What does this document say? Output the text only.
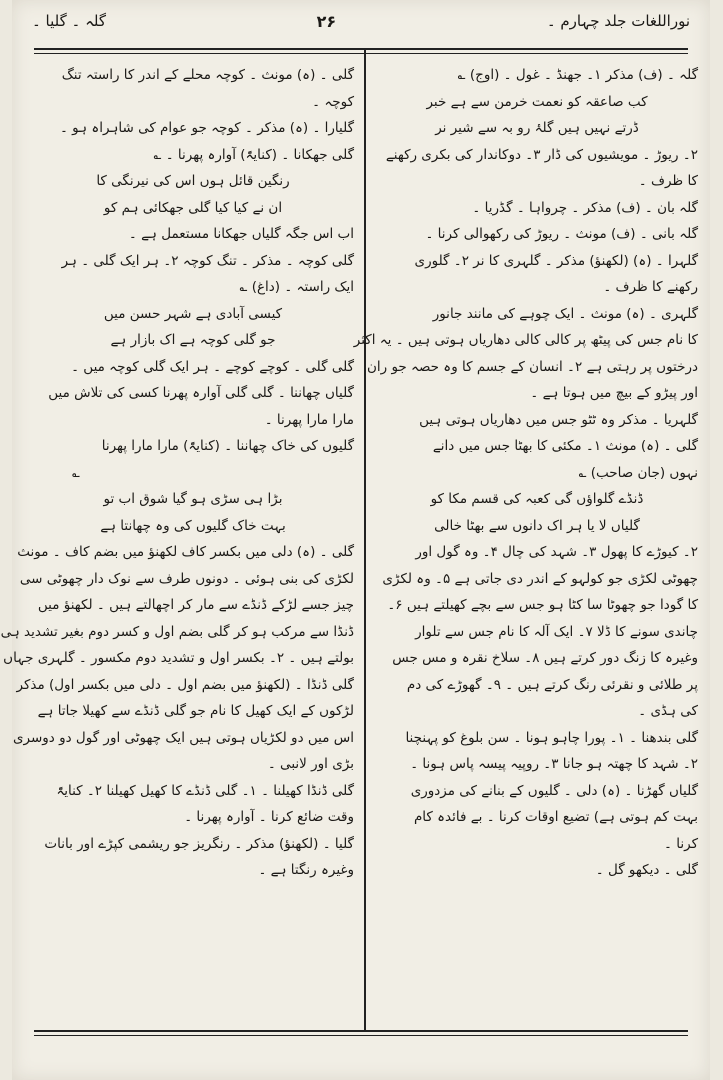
نوراللغات جلد چہارم ۔
۲۶
گلہ ۔ گلیا ۔
گلہ ۔ (ف) مذکر ۱۔ جھنڈ ۔ غول ۔ (اوج) ؎
کب صاعقہ کو نعمت خرمن سے ہے خبر
ڈرتے نہیں ہیں گلۂ رو بہ سے شیر نر
۲۔ ریوڑ ۔ مویشیوں کی ڈار ۳۔ دوکاندار کی بکری رکھنے
کا ظرف ۔
گلہ بان ۔ (ف) مذکر ۔ چرواہا ۔ گڈریا ۔
گلہ بانی ۔ (ف) مونث ۔ ریوڑ کی رکھوالی کرنا ۔
گلہرا ۔ (ہ) (لکھنؤ) مذکر ۔ گلہری کا نر ۲۔ گلوری
رکھنے کا ظرف ۔
گلہری ۔ (ہ) مونث ۔ ایک چوہے کی مانند جانور
کا نام جس کی پیٹھ پر کالی کالی دھاریاں ہوتی ہیں ۔ یہ اکثر
درختوں پر رہتی ہے ۲۔ انسان کے جسم کا وہ حصہ جو ران
اور پیڑو کے بیچ میں ہوتا ہے ۔
گلہریا ۔ مذکر وہ ٹٹو جس میں دھاریاں ہوتی ہیں
گلی ۔ (ہ) مونث ۱۔ مکئی کا بھٹا جس میں دانے
نہوں (جان صاحب) ؎
ڈنڈے گلواؤں گی کعبہ کی قسم مکا کو
گلیاں لا یا ہر اک دانوں سے بھٹا خالی
۲۔ کیوڑے کا پھول ۳۔ شہد کی چال ۴۔ وہ گول اور
چھوٹی لکڑی جو کولہو کے اندر دی جاتی ہے ۵۔ وہ لکڑی
کا گودا جو چھوٹا سا کٹا ہو جس سے بچے کھیلتے ہیں ۶۔
چاندی سونے کا ڈلا ۷۔ ایک آلہ کا نام جس سے تلوار
وغیرہ کا زنگ دور کرتے ہیں ۸۔ سلاخ نقرہ و مس جس
پر طلائی و نقرئی رنگ کرتے ہیں ۔ ۹۔ گھوڑے کی دم
کی ہڈی ۔
گلی بندھنا ۔ ۱۔ پورا چاہو ہونا ۔ سن بلوغ کو پہنچنا
۲۔ شہد کا چھتہ ہو جانا ۳۔ روپیہ پیسہ پاس ہونا ۔
گلیاں گھڑنا ۔ (ہ) دلی ۔ گلیوں کے بنانے کی مزدوری
بہت کم ہوتی ہے) تضیع اوقات کرنا ۔ بے فائدہ کام
کرنا ۔
گلی ۔ دیکھو گل ۔
گلی ۔ (ہ) مونث ۔ کوچہ محلے کے اندر کا راستہ تنگ
کوچہ ۔
گلیارا ۔ (ہ) مذکر ۔ کوچہ جو عوام کی شاہراہ ہو ۔
گلی جھکانا ۔ (کنایۃً) آوارہ پھرنا ۔ ؎
رنگین قائل ہوں اس کی نیرنگی کا
ان نے کیا کیا گلی جھکائی ہم کو
اب اس جگہ گلیاں جھکانا مستعمل ہے ۔
گلی کوچہ ۔ مذکر ۔ تنگ کوچہ ۲۔ ہر ایک گلی ۔ ہر
ایک راستہ ۔ (داغ) ؎
کیسی آبادی ہے شہر حسن میں
جو گلی کوچہ ہے اک بازار ہے
گلی گلی ۔ کوچے کوچے ۔ ہر ایک گلی کوچہ میں ۔
گلیاں چھاننا ۔ گلی گلی آوارہ پھرنا کسی کی تلاش میں
مارا مارا پھرنا ۔
گلیوں کی خاک چھاننا ۔ (کنایۃً) مارا مارا پھرنا
؎
بڑا ہی سڑی ہو گیا شوق اب تو
بہت خاک گلیوں کی وہ چھانتا ہے
گلی ۔ (ہ) دلی میں بکسر کاف لکھنؤ میں بضم کاف ۔ مونث
لکڑی کی بنی ہوئی ۔ دونوں طرف سے نوک دار چھوٹی سی
چیز جسے لڑکے ڈنڈے سے مار کر اچھالتے ہیں ۔ لکھنؤ میں
ڈنڈا سے مرکب ہو کر گلی بضم اول و کسر دوم بغیر تشدید ہی
بولتے ہیں ۔ ۲۔ بکسر اول و تشدید دوم مکسور ۔ گلہری جہاں
گلی ڈنڈا ۔ (لکھنؤ میں بضم اول ۔ دلی میں بکسر اول) مذکر
لڑکوں کے ایک کھیل کا نام جو گلی ڈنڈے سے کھیلا جاتا ہے
اس میں دو لکڑیاں ہوتی ہیں ایک چھوٹی اور گول دو دوسری
بڑی اور لانبی ۔
گلی ڈنڈا کھیلنا ۔ ۱۔ گلی ڈنڈے کا کھیل کھیلنا ۲۔ کنایۃً
وقت ضائع کرنا ۔ آوارہ پھرنا ۔
گلیا ۔ (لکھنؤ) مذکر ۔ رنگریز جو ریشمی کپڑے اور بانات
وغیرہ رنگتا ہے ۔
